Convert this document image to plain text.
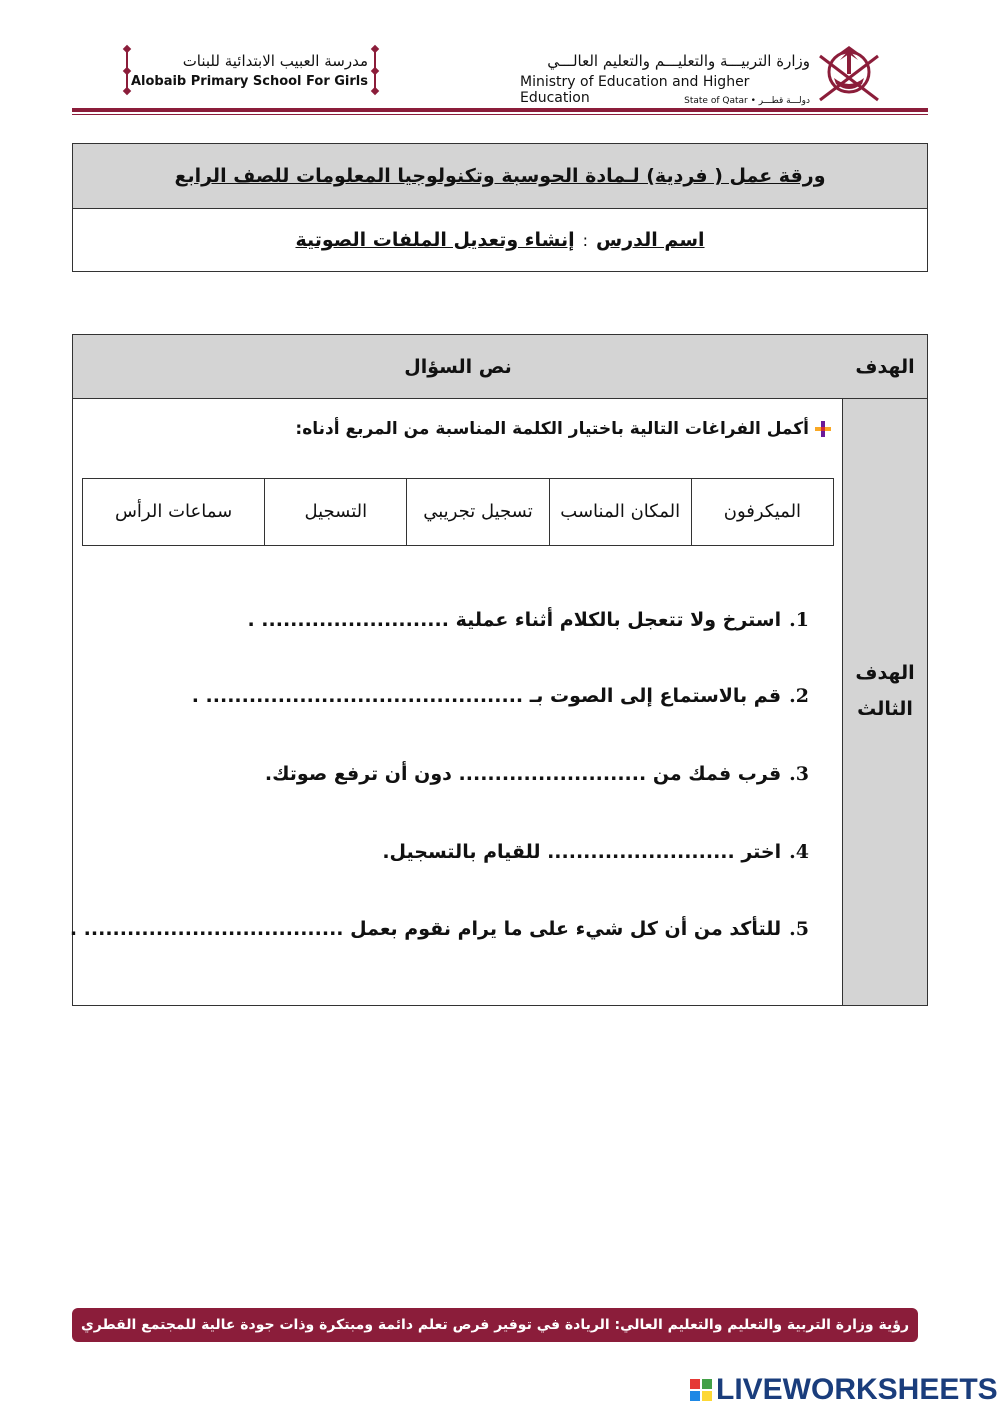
مدرسة العبيب الابتدائية للبنات
Alobaib Primary School For Girls
وزارة التربيـــة والتعليـــم والتعليم العالـــي
Ministry of Education and Higher Education	State of Qatar • دولـــة قطـــر
ورقة عمل ( فردية) لـمادة الحوسبة وتكنولوجيا المعلومات للصف الرابع
اسم الدرس
:
إنشاء وتعديل الملفات الصوتية
الهدف
نص السؤال
الهدف
الثالث
أكمل الفراغات التالية باختيار الكلمة المناسبة من المربع أدناه:
الميكرفون
المكان المناسب
تسجيل تجريبي
التسجيل
سماعات الرأس
1.استرخ ولا تتعجل بالكلام أثناء عملية .......................... .
2.قم بالاستماع إلى الصوت بـ ............................................ .
3.قرب فمك من .......................... دون أن ترفع صوتك.
4.اختر .......................... للقيام بالتسجيل.
5.للتأكد من أن كل شيء على ما يرام نقوم بعمل .................................... .
رؤية وزارة التربية والتعليم والتعليم العالي: الريادة في توفير فرص تعلم دائمة ومبتكرة وذات جودة عالية للمجتمع القطري
LIVEWORKSHEETS
